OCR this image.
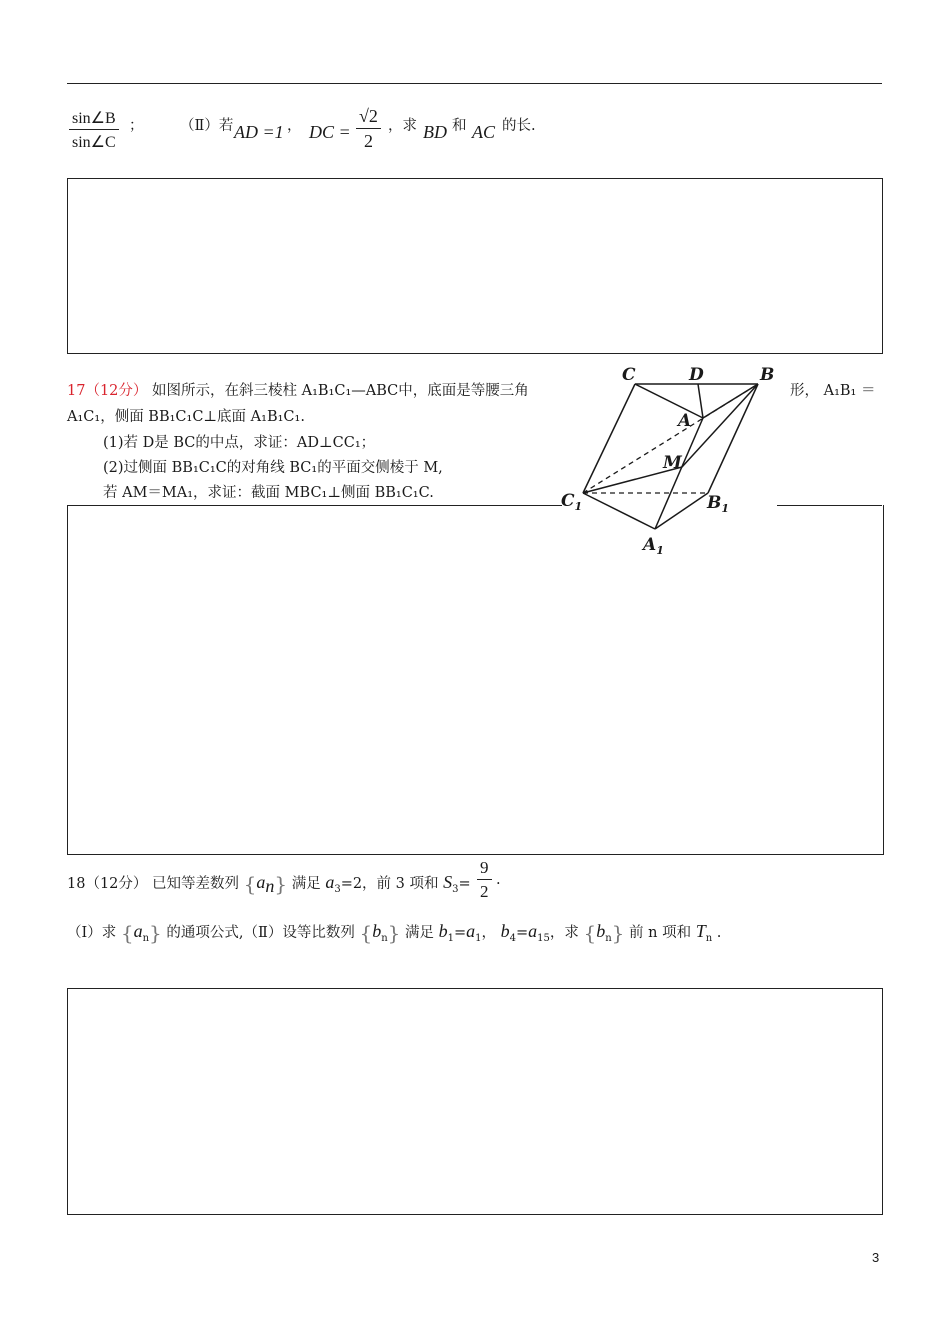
$\frac{\sin\angle B}{\sin\angle C}$ ；	（Ⅱ）若 AD =1 ， DC = $\frac{√2}{2}$ ，求 BD 和 AC 的长.
17（12分） 如图所示，在斜三棱柱 A₁B₁C₁—ABC中，底面是等腰三角	形， A₁B₁ ＝
A₁C₁，侧面 BB₁C₁C⊥底面 A₁B₁C₁.
(1)若 D是 BC的中点，求证：AD⊥CC₁；
(2)过侧面 BB₁C₁C的对角线 BC₁的平面交侧棱于 M,
若 AM＝MA₁，求证：截面 MBC₁⊥侧面 BB₁C₁C.
C	D	B
A
M
$C_1$	$B_1$
$A_1$
18（12分） 已知等差数列 $\{a_n\}$ 满足 $a_3=2$，前 3 项和 $S_3= \frac{9}{2}$ .
（Ⅰ）求 $\{a_n\}$ 的通项公式,（Ⅱ）设等比数列 $\{b_n\}$ 满足 $b_1=a_1$， $b_4=a_{15}$，求 $\{b_n\}$ 前 n 项和 $T_n$ .
3
